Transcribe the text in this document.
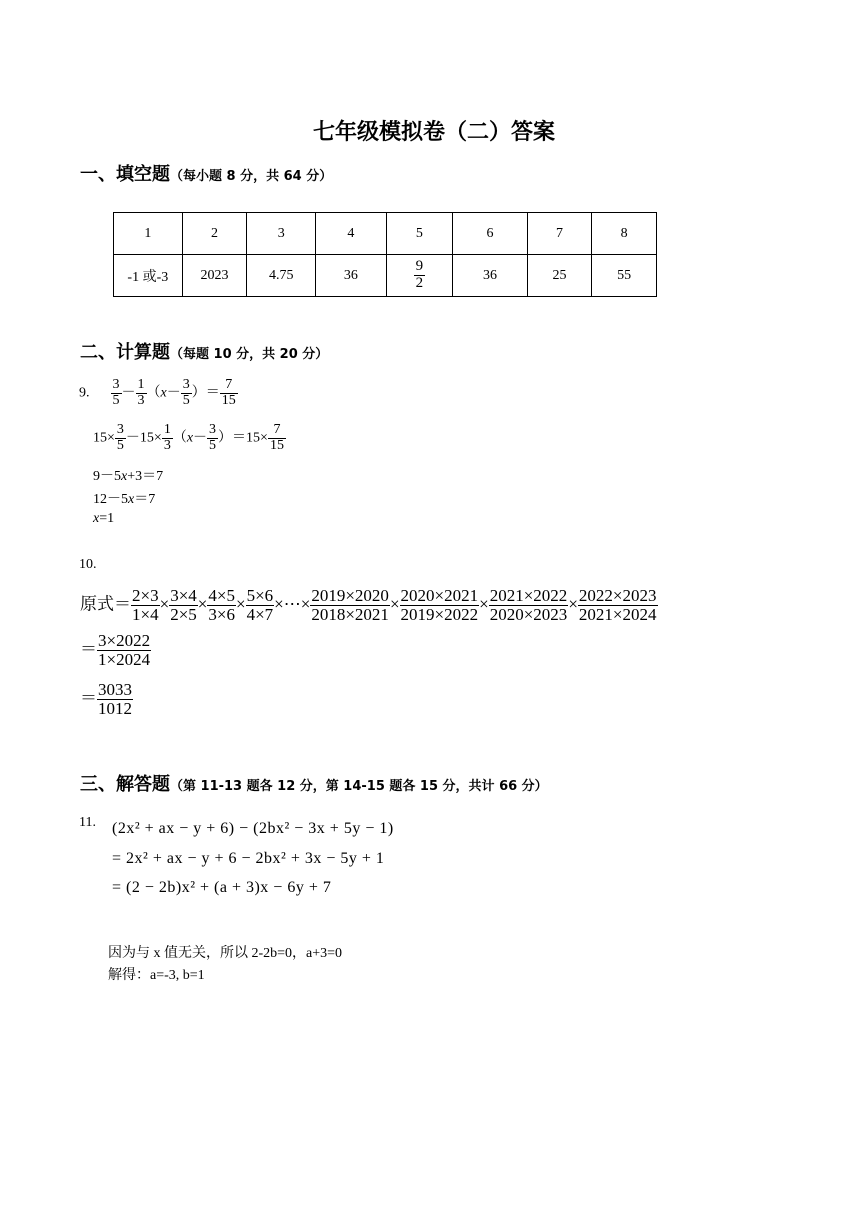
七年级模拟卷（二）答案
一、填空题（每小题 8 分，共 64 分）
1	2	3	4	5	6	7	8
-1 或-3	2023	4.75	36	$\frac{9}{2}$	36	25	55
二、计算题（每题 10 分，共 20 分）
9. $\frac{3}{5} - \frac{1}{3} (x- \frac{3}{5}$ ）＝ $\frac{7}{15}$
$15\times \frac{3}{5} -15\times \frac{1}{3} (x- \frac{3}{5} )=15\times \frac{7}{15}$
9－5x+3＝7
12－5x＝7
x=1
10.
原式＝ $\frac{2\times 3}{1\times 4} \times \frac{3\times 4}{2\times 5} \times \frac{4\times 5}{3\times 6} \times \frac{5\times 6}{4\times 7}$ ×⋯× $\frac{2019\times 2020}{2018\times 2021} \times \frac{2020\times 2021}{2019\times 2022} \times \frac{2021\times 2022}{2020\times 2023} \times \frac{2022\times 2023}{2021\times 2024}$
＝ $\frac{3\times 2022}{1\times 2024}$
＝ $\frac{3033}{1012}$
三、解答题（第 11-13 题各 12 分，第 14-15 题各 15 分，共计 66 分）
11. (2x² + ax − y + 6) − (2bx² − 3x + 5y − 1)
= 2x² + ax − y + 6 − 2bx² + 3x − 5y + 1
= (2 − 2b)x² + (a + 3)x − 6y + 7
因为与 x 值无关，所以 2-2b=0，a+3=0
解得：a=-3, b=1
